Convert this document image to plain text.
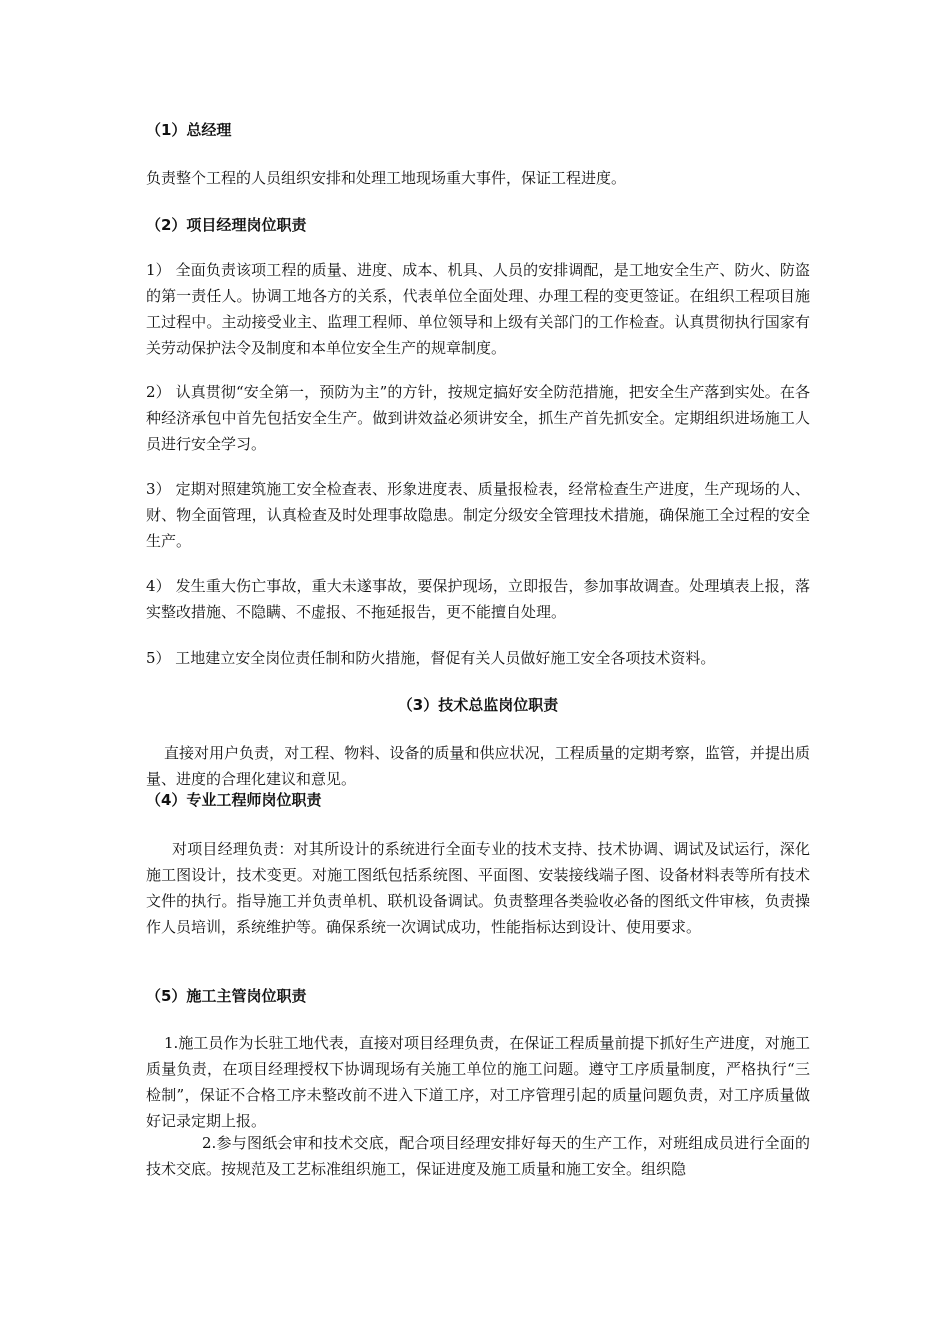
（1）总经理

负责整个工程的人员组织安排和处理工地现场重大事件，保证工程进度。

（2）项目经理岗位职责

1） 全面负责该项工程的质量、进度、成本、机具、人员的安排调配，是工地安全生产、防火、防盗的第一责任人。协调工地各方的关系，代表单位全面处理、办理工程的变更签证。在组织工程项目施工过程中。主动接受业主、监理工程师、单位领导和上级有关部门的工作检查。认真贯彻执行国家有关劳动保护法令及制度和本单位安全生产的规章制度。

2） 认真贯彻“安全第一，预防为主”的方针，按规定搞好安全防范措施，把安全生产落到实处。在各种经济承包中首先包括安全生产。做到讲效益必须讲安全，抓生产首先抓安全。定期组织进场施工人员进行安全学习。

3） 定期对照建筑施工安全检查表、形象进度表、质量报检表，经常检查生产进度，生产现场的人、财、物全面管理，认真检查及时处理事故隐患。制定分级安全管理技术措施，确保施工全过程的安全生产。

4） 发生重大伤亡事故，重大未遂事故，要保护现场，立即报告，参加事故调查。处理填表上报，落实整改措施、不隐瞒、不虚报、不拖延报告，更不能擅自处理。

5） 工地建立安全岗位责任制和防火措施，督促有关人员做好施工安全各项技术资料。

（3）技术总监岗位职责

直接对用户负责，对工程、物料、设备的质量和供应状况，工程质量的定期考察，监管，并提出质量、进度的合理化建议和意见。

（4）专业工程师岗位职责

对项目经理负责：对其所设计的系统进行全面专业的技术支持、技术协调、调试及试运行，深化施工图设计，技术变更。对施工图纸包括系统图、平面图、安装接线端子图、设备材料表等所有技术文件的执行。指导施工并负责单机、联机设备调试。负责整理各类验收必备的图纸文件审核，负责操作人员培训，系统维护等。确保系统一次调试成功，性能指标达到设计、使用要求。

（5）施工主管岗位职责

1.施工员作为长驻工地代表，直接对项目经理负责，在保证工程质量前提下抓好生产进度，对施工质量负责，在项目经理授权下协调现场有关施工单位的施工问题。遵守工序质量制度，严格执行“三检制”，保证不合格工序未整改前不进入下道工序，对工序管理引起的质量问题负责，对工序质量做好记录定期上报。

2.参与图纸会审和技术交底，配合项目经理安排好每天的生产工作，对班组成员进行全面的技术交底。按规范及工艺标准组织施工，保证进度及施工质量和施工安全。组织隐
